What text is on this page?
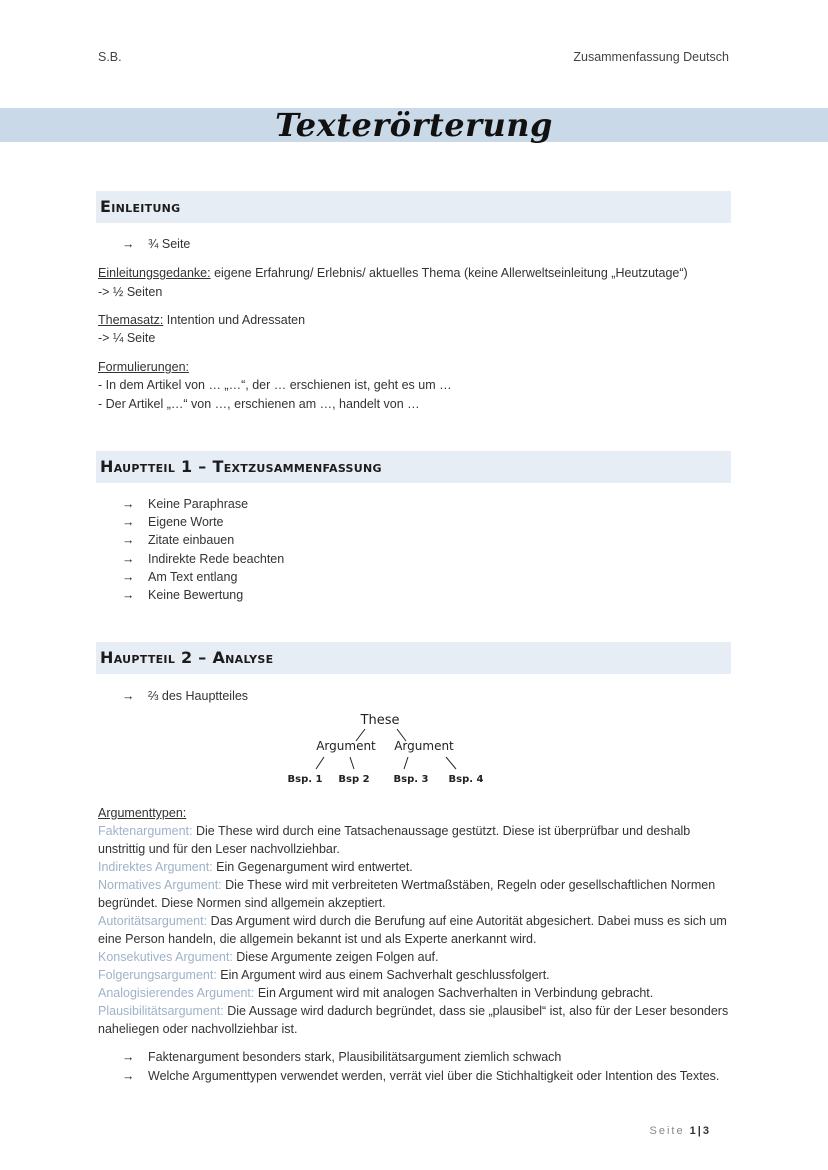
S.B.	Zusammenfassung Deutsch
Texterörterung
Einleitung
→ ¾ Seite
Einleitungsgedanke: eigene Erfahrung/ Erlebnis/ aktuelles Thema (keine Allerweltseinleitung „Heutzutage“)
-> ½ Seiten
Themasatz: Intention und Adressaten
-> ¼ Seite
Formulierungen:
- In dem Artikel von … „…“, der … erschienen ist, geht es um …
- Der Artikel „…“ von …, erschienen am …, handelt von …
Hauptteil 1 – Textzusammenfassung
→ Keine Paraphrase
→ Eigene Worte
→ Zitate einbauen
→ Indirekte Rede beachten
→ Am Text entlang
→ Keine Bewertung
Hauptteil 2 – Analyse
→ ⅔ des Hauptteiles
These
Argument Argument
Bsp. 1 Bsp 2 Bsp. 3 Bsp. 4

Argumenttypen:

Faktenargument: Die These wird durch eine Tatsachenaussage gestützt. Diese ist überprüfbar und deshalb unstrittig und für den Leser nachvollziehbar.

Indirektes Argument: Ein Gegenargument wird entwertet.

Normatives Argument: Die These wird mit verbreiteten Wertmaßstäben, Regeln oder gesellschaftlichen Normen begründet. Diese Normen sind allgemein akzeptiert.

Autoritätsargument: Das Argument wird durch die Berufung auf eine Autorität abgesichert. Dabei muss es sich um eine Person handeln, die allgemein bekannt ist und als Experte anerkannt wird.

Konsekutives Argument: Diese Argumente zeigen Folgen auf.

Folgerungsargument: Ein Argument wird aus einem Sachverhalt geschlussfolgert.

Analogisierendes Argument: Ein Argument wird mit analogen Sachverhalten in Verbindung gebracht.

Plausibilitätsargument: Die Aussage wird dadurch begründet, dass sie „plausibel“ ist, also für der Leser besonders naheliegen oder nachvollziehbar ist.

→ Faktenargument besonders stark, Plausibilitätsargument ziemlich schwach
→ Welche Argumenttypen verwendet werden, verrät viel über die Stichhaltigkeit oder Intention des Textes.
Seite 1|3
